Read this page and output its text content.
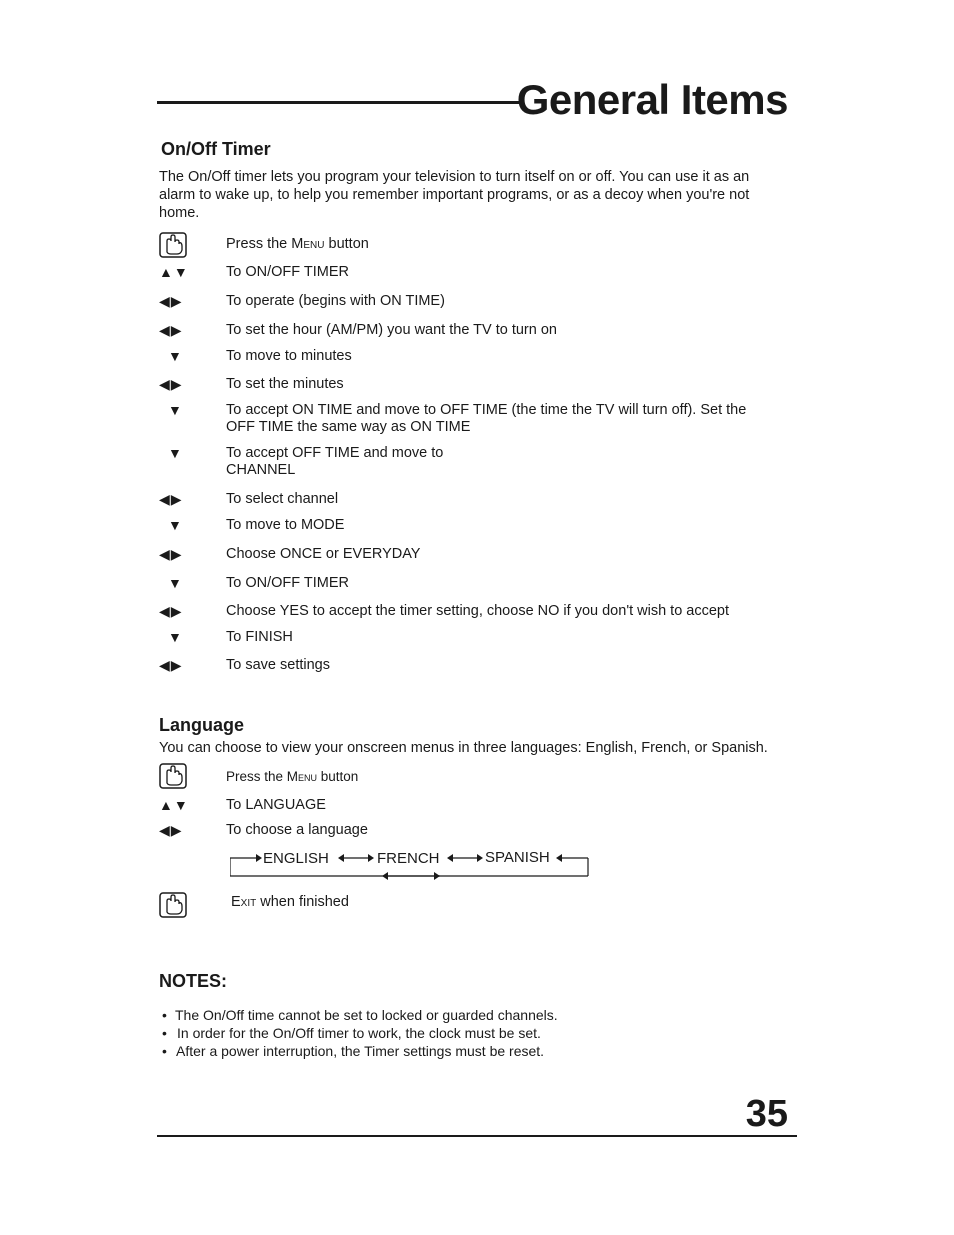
General Items
On/Off Timer
The On/Off timer lets you program your television to turn itself on or off. You can use it as an alarm to wake up, to help you remember important programs, or as a decoy when you're not home.
Press the Menu button
▲▼	To ON/OFF TIMER
◀▶	To operate (begins with ON TIME)
◀▶	To set the hour (AM/PM) you want the TV to turn on
▼	To move to minutes
◀▶	To set the minutes
▼	To accept ON TIME and move to OFF TIME (the time the TV will turn off). Set the
OFF TIME the same way as ON TIME
▼	To accept OFF TIME and move to
CHANNEL
◀▶	To select channel
▼	To move to MODE
◀▶	Choose ONCE or EVERYDAY
▼	To ON/OFF TIMER
◀▶	Choose YES to accept the timer setting, choose NO if you don't wish to accept
▼	To FINISH
◀▶	To save settings
Language
You can choose to view your onscreen menus in three languages: English, French, or Spanish.
Press the Menu button
▲▼	To LANGUAGE
◀▶	To choose a language
ENGLISH	FRENCH	SPANISH
Exit when finished
NOTES:
• The On/Off time cannot be set to locked or guarded channels.
• In order for the On/Off timer to work, the clock must be set.
• After a power interruption, the Timer settings must be reset.
35
